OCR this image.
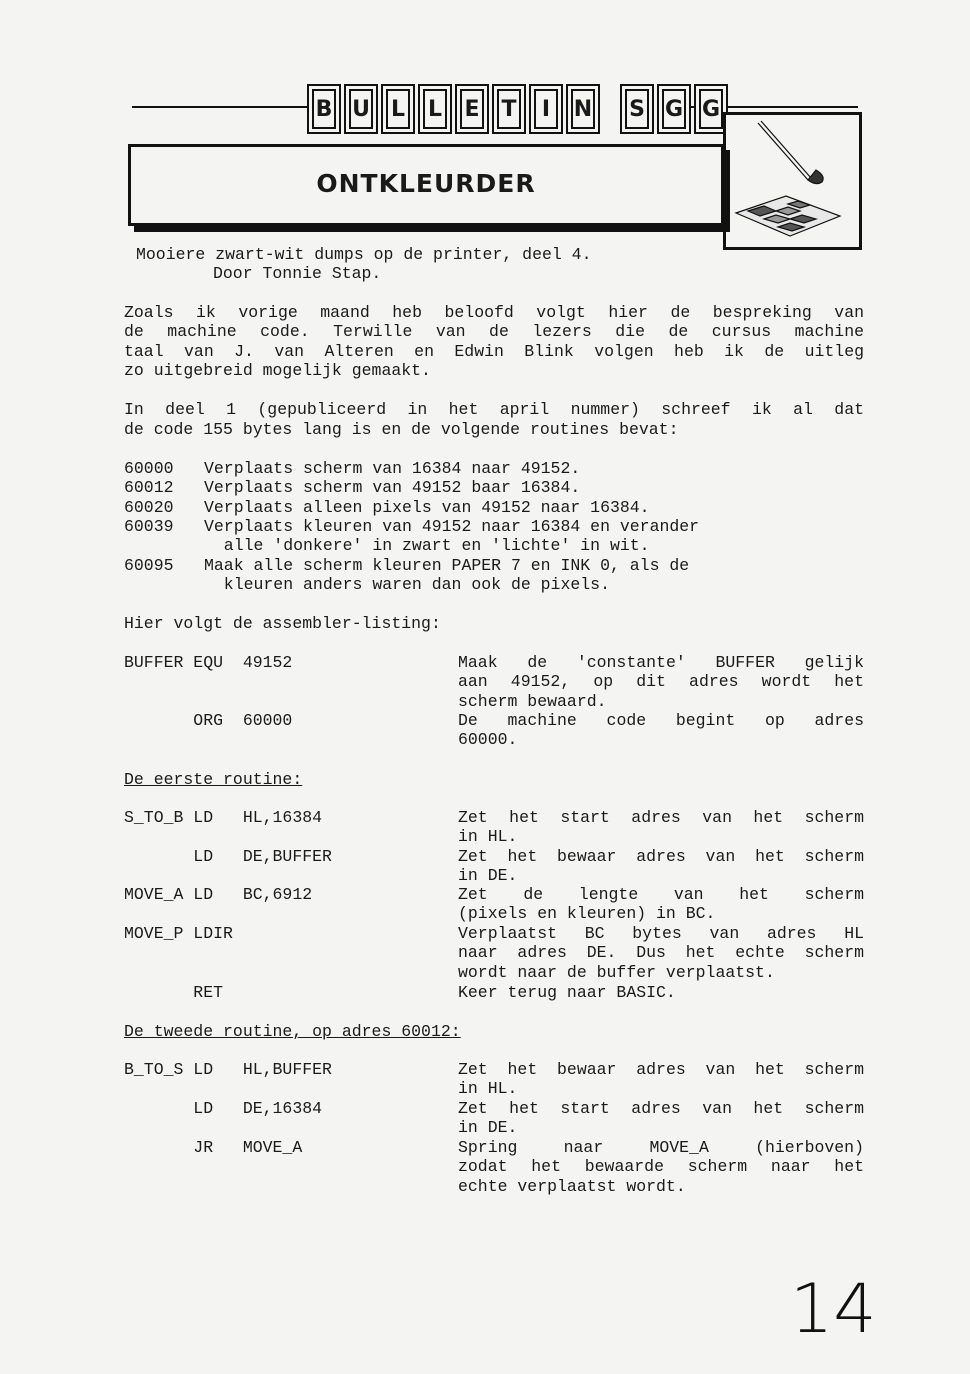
B U L	L	E T	I	N	S G G
ONTKLEURDER
Mooiere zwart-wit dumps op de printer, deel 4.
Door Tonnie Stap.
Zoals ik vorige maand heb beloofd volgt hier de bespreking van
de machine code. Terwille van de lezers die de cursus machine
taal van J. van Alteren en Edwin Blink volgen heb ik de uitleg
zo uitgebreid mogelijk gemaakt.
In deel 1 (gepubliceerd in het april nummer) schreef ik al dat
de code 155 bytes lang is en de volgende routines bevat:
60000 Verplaats scherm van 16384 naar 49152.
60012 Verplaats scherm van 49152 baar 16384.
60020 Verplaats alleen pixels van 49152 naar 16384.
60039 Verplaats kleuren van 49152 naar 16384 en verander
alle 'donkere' in zwart en 'lichte' in wit.
60095 Maak alle scherm kleuren PAPER 7 en INK 0, als de
kleuren anders waren dan ook de pixels.
Hier volgt de assembler-listing:
BUFFER EQU  49152	Maak de 'constante' BUFFER gelijk
aan 49152, op dit adres wordt het
scherm bewaard.
ORG  60000	De machine code begint op adres
60000.
De eerste routine:
S_TO_B LD   HL,16384	Zet het start adres van het scherm
in HL.
LD   DE,BUFFER	Zet het bewaar adres van het scherm
in DE.
MOVE_A LD   BC,6912	Zet de lengte van het scherm
(pixels en kleuren) in BC.
MOVE_P LDIR	Verplaatst BC bytes van adres HL
naar adres DE. Dus het echte scherm
wordt naar de buffer verplaatst.
RET	Keer terug naar BASIC.
De tweede routine, op adres 60012:
B_TO_S LD   HL,BUFFER	Zet het bewaar adres van het scherm
in HL.
LD   DE,16384	Zet het start adres van het scherm
in DE.
JR   MOVE_A	Spring naar MOVE_A (hierboven)
zodat het bewaarde scherm naar het
echte verplaatst wordt.
14
